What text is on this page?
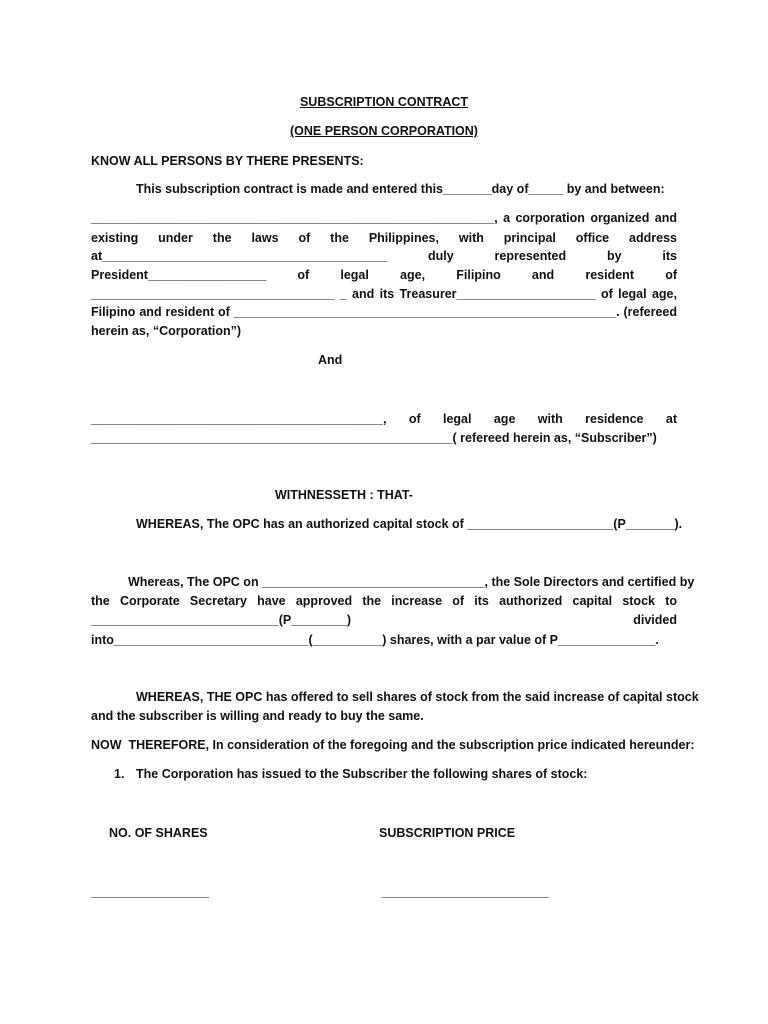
SUBSCRIPTION CONTRACT
(ONE PERSON CORPORATION)
KNOW ALL PERSONS BY THERE PRESENTS:
This subscription contract is made and entered this_______day of_____ by and between:
__________________________________________________________, a corporation organized and
existing under the laws of the Philippines, with principal office address
at_________________________________________ duly represented by its
President_________________ of legal age, Filipino and resident of
___________________________________ _ and its Treasurer____________________ of legal age,
Filipino and resident of _______________________________________________________. (refereed
herein as, “Corporation”)
And
__________________________________________, of legal age with residence at
____________________________________________________( refereed herein as, “Subscriber”)
WITHNESSETH : THAT-
WHEREAS, The OPC has an authorized capital stock of _____________________(P_______).
Whereas, The OPC on ________________________________, the Sole Directors and certified by
the Corporate Secretary have approved the increase of its authorized capital stock to
___________________________(P________) divided
into____________________________(__________) shares, with a par value of P______________.
WHEREAS, THE OPC has offered to sell shares of stock from the said increase of capital stock
and the subscriber is willing and ready to buy the same.
NOW  THEREFORE, In consideration of the foregoing and the subscription price indicated hereunder:
1. The Corporation has issued to the Subscriber the following shares of stock:
NO. OF SHARES	SUBSCRIPTION PRICE
_________________	________________________
